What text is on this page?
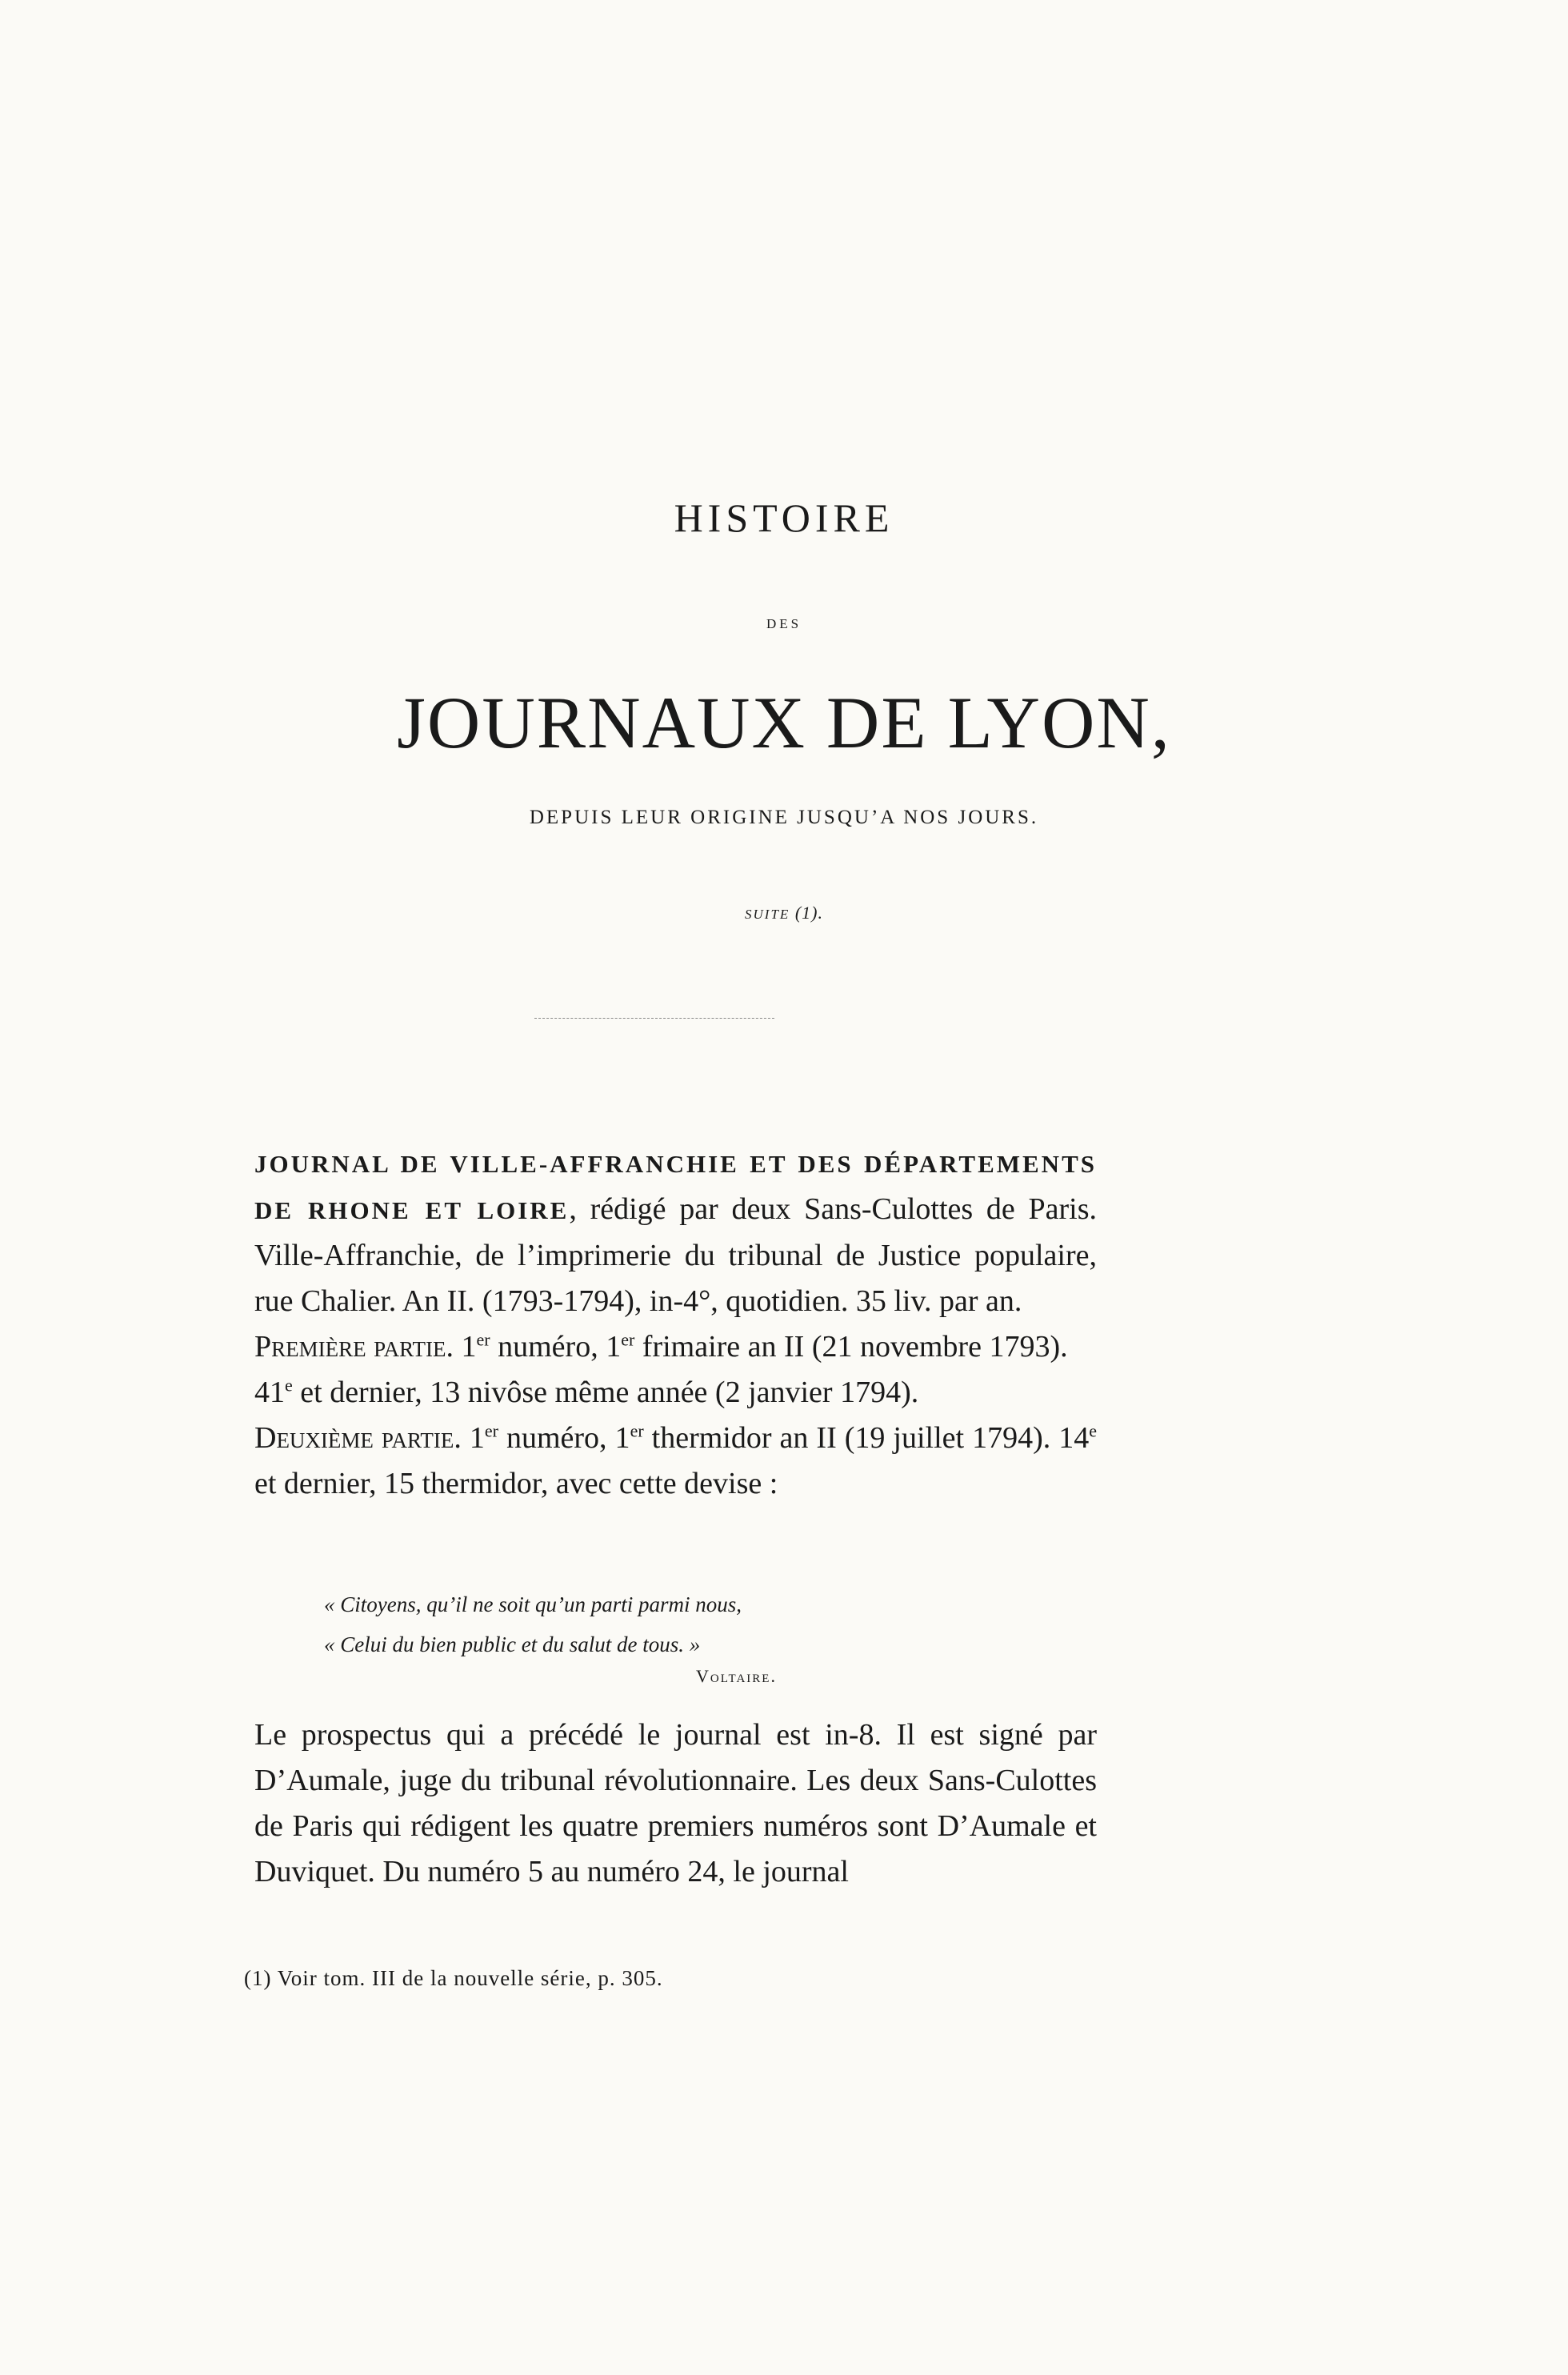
HISTOIRE
DES
JOURNAUX DE LYON,
DEPUIS LEUR ORIGINE JUSQU’A NOS JOURS.
SUITE (1).
JOURNAL DE VILLE-AFFRANCHIE ET DES DÉPARTEMENTS DE RHONE ET LOIRE, rédigé par deux Sans-Culottes de Paris. Ville-Affranchie, de l’imprimerie du tribunal de Justice populaire, rue Chalier. An II. (1793-1794), in-4°, quotidien. 35 liv. par an.
Première partie. 1er numéro, 1er frimaire an II (21 novembre 1793).
41e et dernier, 13 nivôse même année (2 janvier 1794).
Deuxième partie. 1er numéro, 1er thermidor an II (19 juillet 1794). 14e et dernier, 15 thermidor, avec cette devise :
« Citoyens, qu’il ne soit qu’un parti parmi nous,
« Celui du bien public et du salut de tous. »
Voltaire.
Le prospectus qui a précédé le journal est in-8. Il est signé par D’Aumale, juge du tribunal révolutionnaire. Les deux Sans-Culottes de Paris qui rédigent les quatre premiers numéros sont D’Aumale et Duviquet. Du numéro 5 au numéro 24, le journal
(1) Voir tom. III de la nouvelle série, p. 305.
